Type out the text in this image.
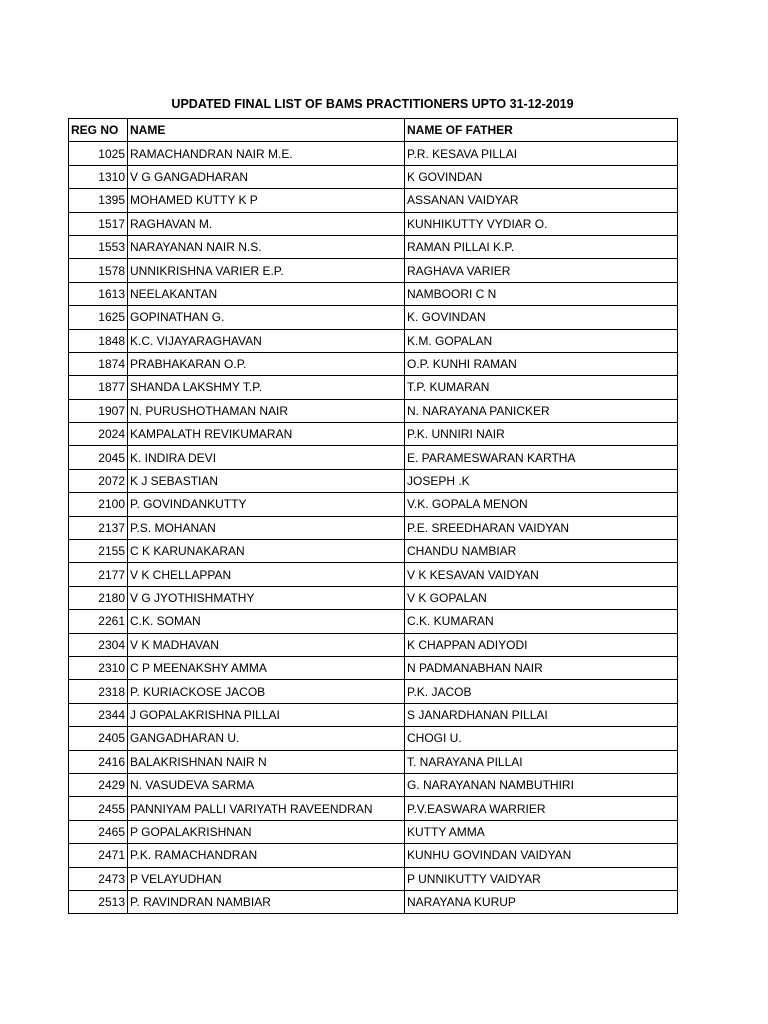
UPDATED FINAL LIST OF BAMS PRACTITIONERS UPTO 31-12-2019
REG NO	NAME	NAME OF FATHER
1025	RAMACHANDRAN NAIR M.E.	P.R. KESAVA PILLAI
1310	V G GANGADHARAN	K GOVINDAN
1395	MOHAMED KUTTY K P	ASSANAN VAIDYAR
1517	RAGHAVAN M.	KUNHIKUTTY VYDIAR O.
1553	NARAYANAN NAIR N.S.	RAMAN PILLAI K.P.
1578	UNNIKRISHNA VARIER E.P.	RAGHAVA VARIER
1613	NEELAKANTAN	NAMBOORI C N
1625	GOPINATHAN G.	K. GOVINDAN
1848	K.C. VIJAYARAGHAVAN	K.M. GOPALAN
1874	PRABHAKARAN O.P.	O.P. KUNHI RAMAN
1877	SHANDA LAKSHMY T.P.	T.P. KUMARAN
1907	N. PURUSHOTHAMAN NAIR	N. NARAYANA PANICKER
2024	KAMPALATH REVIKUMARAN	P.K. UNNIRI NAIR
2045	K. INDIRA DEVI	E. PARAMESWARAN KARTHA
2072	K J SEBASTIAN	JOSEPH .K
2100	P. GOVINDANKUTTY	V.K. GOPALA MENON
2137	P.S. MOHANAN	P.E. SREEDHARAN VAIDYAN
2155	C K KARUNAKARAN	CHANDU NAMBIAR
2177	V K CHELLAPPAN	V K KESAVAN VAIDYAN
2180	V G JYOTHISHMATHY	V K GOPALAN
2261	C.K. SOMAN	C.K. KUMARAN
2304	V K MADHAVAN	K CHAPPAN ADIYODI
2310	C P MEENAKSHY AMMA	N PADMANABHAN NAIR
2318	P. KURIACKOSE JACOB	P.K. JACOB
2344	J GOPALAKRISHNA PILLAI	S JANARDHANAN PILLAI
2405	GANGADHARAN U.	CHOGI U.
2416	BALAKRISHNAN NAIR N	T. NARAYANA PILLAI
2429	N. VASUDEVA SARMA	G. NARAYANAN NAMBUTHIRI
2455	PANNIYAM PALLI VARIYATH RAVEENDRAN	P.V.EASWARA WARRIER
2465	P GOPALAKRISHNAN	KUTTY AMMA
2471	P.K. RAMACHANDRAN	KUNHU GOVINDAN VAIDYAN
2473	P VELAYUDHAN	P UNNIKUTTY VAIDYAR
2513	P. RAVINDRAN NAMBIAR	NARAYANA KURUP
